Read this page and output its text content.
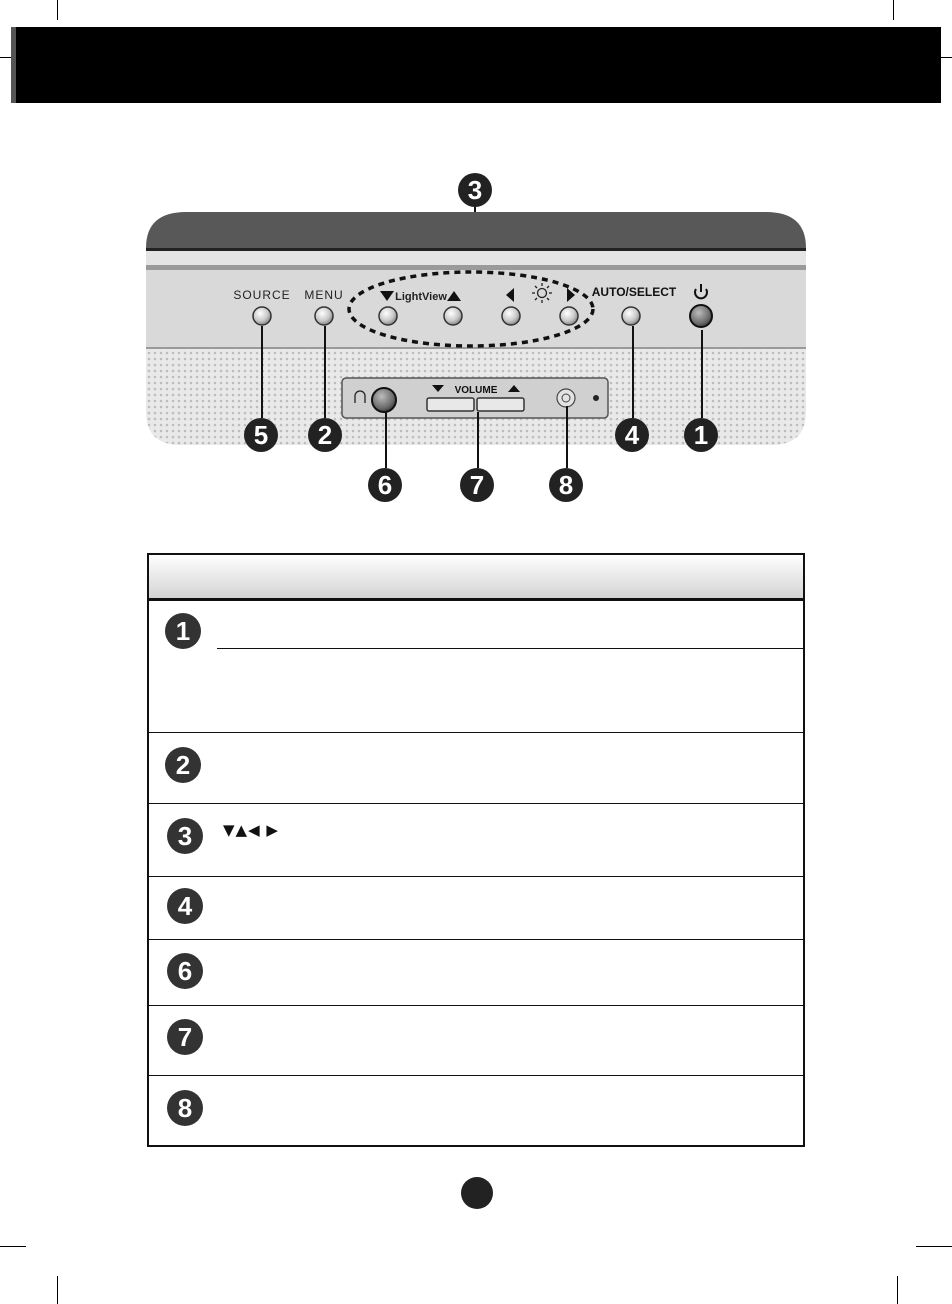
3
SOURCE MENU	LightView	AUTO/SELECT
VOLUME
5	2	4	1
6	7	8
1
2
3	▼▲◀ ▶
4
6
7
8
